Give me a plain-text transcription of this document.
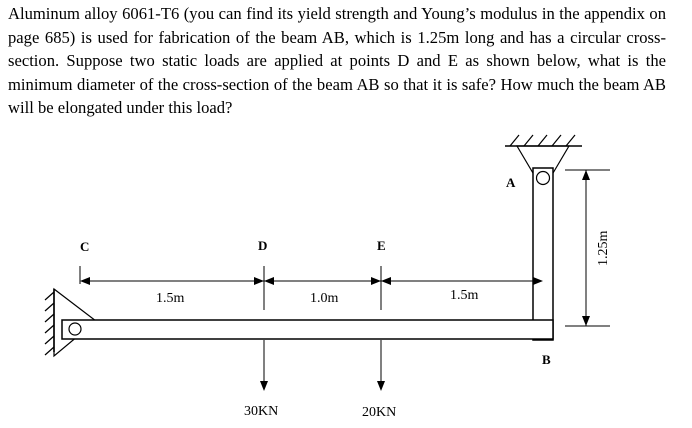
Aluminum alloy 6061-T6 (you can find its yield strength and Young’s modulus in the appendix on page 685) is used for fabrication of the beam AB, which is 1.25m long and has a circular cross-section. Suppose two static loads are applied at points D and E as shown below, what is the minimum diameter of the cross-section of the beam AB so that it is safe? How much the beam AB will be elongated under this load?

A
B
C	D	E
1.5m	1.0m	1.5m
1.25m
30KN	20KN
